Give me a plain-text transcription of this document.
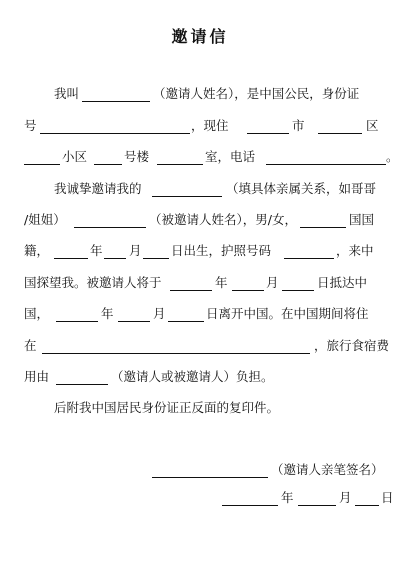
邀请信
我叫	（邀请人姓名），是中国公民，身份证
号	，现住	市	区
小区	号楼	室，电话	。
我诚挚邀请我的	（填具体亲属关系，如哥哥
/姐姐）	（被邀请人姓名），男/女，	国国
籍，	年 月 日出生，护照号码	，来中
国探望我。被邀请人将于	年	月	日抵达中
国，	年	月	日离开中国。在中国期间将住
在	，旅行食宿费
用由	（邀请人或被邀请人）负担。
后附我中国居民身份证正反面的复印件。
（邀请人亲笔签名）
年	月 日
